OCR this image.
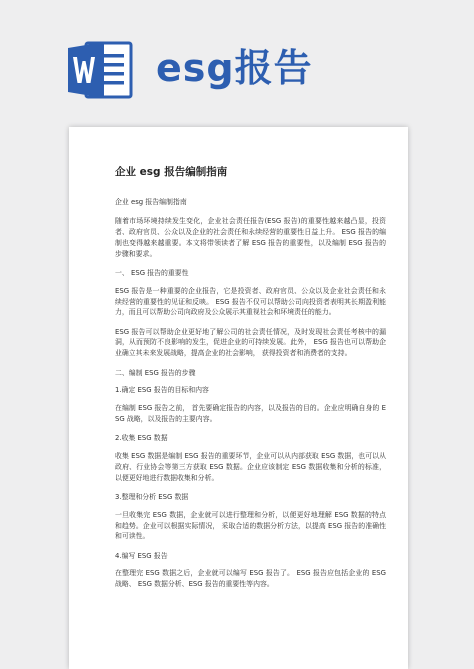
esg报告
企业 esg 报告编制指南
企业 esg 报告编制指南
随着市场环境持续发生变化，企业社会责任报告(ESG 报告)的重要性越来越凸显，投资者、政府官员、公众以及企业的社会责任和永续经营的重要性日益上升。 ESG 报告的编制也变得越来越重要。本文将带领读者了解 ESG 报告的重要性，以及编制 ESG 报告的步骤和要求。
一、 ESG 报告的重要性
ESG 报告是一种重要的企业报告，它是投资者、政府官员、公众以及企业社会责任和永续经营的重要性的见证和反映。 ESG 报告不仅可以帮助公司向投资者表明其长期盈利能力，而且可以帮助公司向政府及公众展示其重视社会和环境责任的能力。
ESG 报告可以帮助企业更好地了解公司的社会责任情况，及时发现社会责任考核中的漏洞，从而预防不良影响的发生，促进企业的可持续发展。此外， ESG 报告也可以帮助企业确立其未来发展战略，提高企业的社会影响， 获得投资者和消费者的支持。
二、编制 ESG 报告的步骤
1.确定 ESG 报告的目标和内容
在编制 ESG 报告之前， 首先要确定报告的内容，以及报告的目的。企业应明确自身的 ESG 战略，以及报告的主要内容。
2.收集 ESG 数据
收集 ESG 数据是编制 ESG 报告的重要环节，企业可以从内部获取 ESG 数据，也可以从政府、行业协会等第三方获取 ESG 数据。企业应该制定 ESG 数据收集和分析的标准，以便更好地进行数据收集和分析。
3.整理和分析 ESG 数据
一旦收集完 ESG 数据，企业就可以进行整理和分析，以便更好地理解 ESG 数据的特点和趋势。企业可以根据实际情况， 采取合适的数据分析方法，以提高 ESG 报告的准确性和可读性。
4.编写 ESG 报告
在整理完 ESG 数据之后，企业就可以编写 ESG 报告了。 ESG 报告应包括企业的 ESG 战略、 ESG 数据分析、ESG 报告的重要性等内容。
